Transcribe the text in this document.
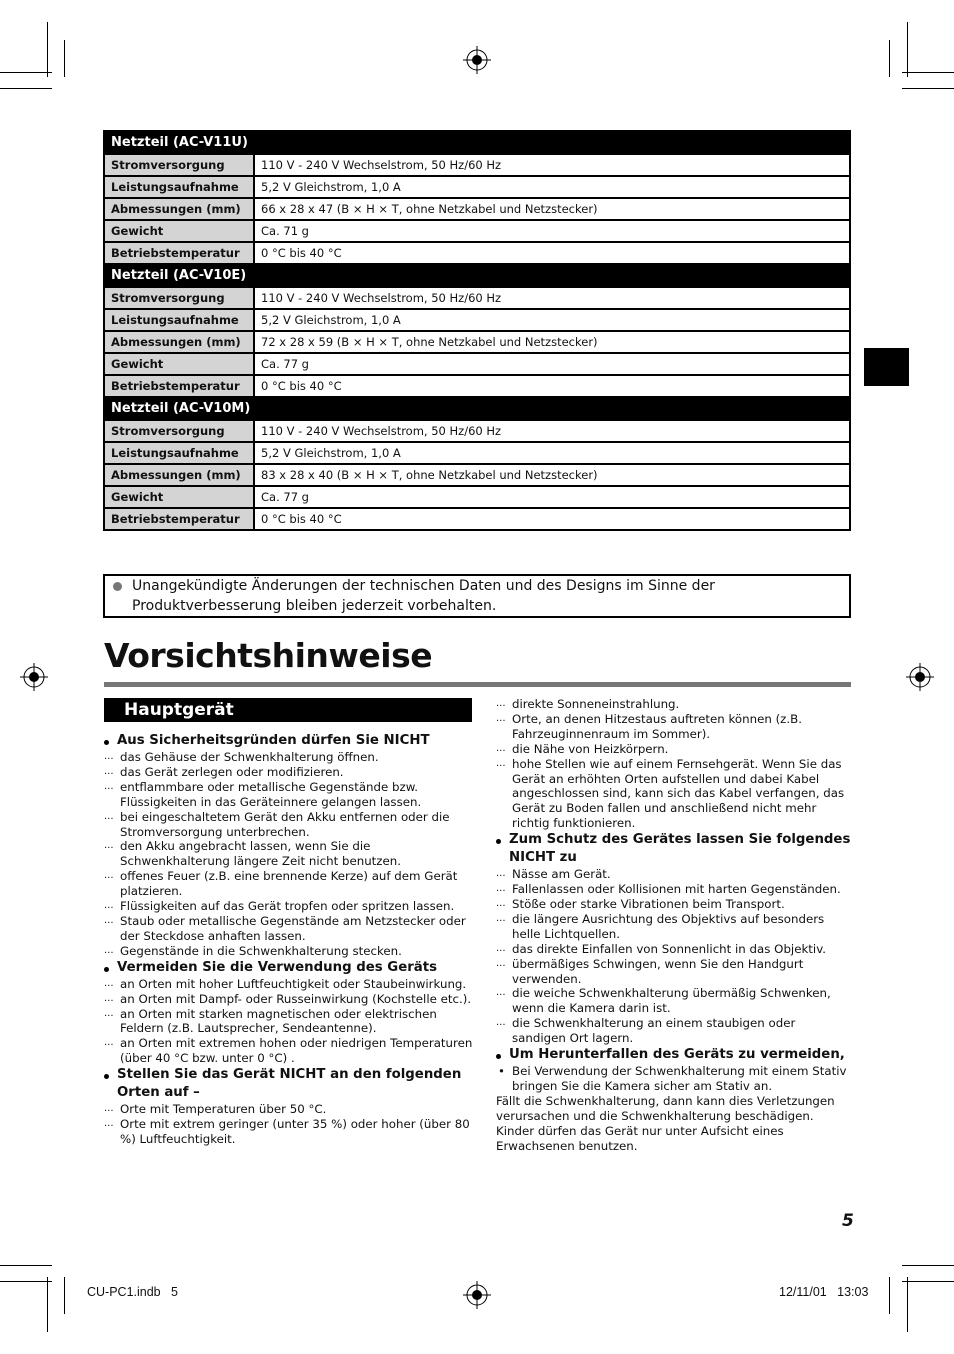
Netzteil (AC-V11U)	
Stromversorgung	110 V - 240 V Wechselstrom, 50 Hz/60 Hz
Leistungsaufnahme	5,2 V Gleichstrom, 1,0 A
Abmessungen (mm)	66 x 28 x 47 (B × H × T, ohne Netzkabel und Netzstecker)
Gewicht	Ca. 71 g
Betriebstemperatur	0 °C bis 40 °C
Netzteil (AC-V10E)	
Stromversorgung	110 V - 240 V Wechselstrom, 50 Hz/60 Hz
Leistungsaufnahme	5,2 V Gleichstrom, 1,0 A
Abmessungen (mm)	72 x 28 x 59 (B × H × T, ohne Netzkabel und Netzstecker)
Gewicht	Ca. 77 g
Betriebstemperatur	0 °C bis 40 °C
Netzteil (AC-V10M)	
Stromversorgung	110 V - 240 V Wechselstrom, 50 Hz/60 Hz
Leistungsaufnahme	5,2 V Gleichstrom, 1,0 A
Abmessungen (mm)	83 x 28 x 40 (B × H × T, ohne Netzkabel und Netzstecker)
Gewicht	Ca. 77 g
Betriebstemperatur	0 °C bis 40 °C
Unangekündigte Änderungen der technischen Daten und des Designs im Sinne der Produktverbesserung bleiben jederzeit vorbehalten.
Vorsichtshinweise
Hauptgerät
Aus Sicherheitsgründen dürfen Sie NICHT
... das Gehäuse der Schwenkhalterung öffnen.
... das Gerät zerlegen oder modifizieren.
... entflammbare oder metallische Gegenstände bzw. Flüssigkeiten in das Geräteinnere gelangen lassen.
... bei eingeschaltetem Gerät den Akku entfernen oder die Stromversorgung unterbrechen.
... den Akku angebracht lassen, wenn Sie die Schwenkhalterung längere Zeit nicht benutzen.
... offenes Feuer (z.B. eine brennende Kerze) auf dem Gerät platzieren.
... Flüssigkeiten auf das Gerät tropfen oder spritzen lassen.
... Staub oder metallische Gegenstände am Netzstecker oder der Steckdose anhaften lassen.
... Gegenstände in die Schwenkhalterung stecken.
Vermeiden Sie die Verwendung des Geräts
... an Orten mit hoher Luftfeuchtigkeit oder Staubeinwirkung.
... an Orten mit Dampf- oder Russeinwirkung (Kochstelle etc.).
... an Orten mit starken magnetischen oder elektrischen Feldern (z.B. Lautsprecher, Sendeantenne).
... an Orten mit extremen hohen oder niedrigen Temperaturen (über 40 °C bzw. unter 0 °C) .
Stellen Sie das Gerät NICHT an den folgenden Orten auf –
... Orte mit Temperaturen über 50 °C.
... Orte mit extrem geringer (unter 35 %) oder hoher (über 80 %) Luftfeuchtigkeit.
... direkte Sonneneinstrahlung.
... Orte, an denen Hitzestaus auftreten können (z.B. Fahrzeuginnenraum im Sommer).
... die Nähe von Heizkörpern.
... hohe Stellen wie auf einem Fernsehgerät. Wenn Sie das Gerät an erhöhten Orten aufstellen und dabei Kabel angeschlossen sind, kann sich das Kabel verfangen, das Gerät zu Boden fallen und anschließend nicht mehr richtig funktionieren.
Zum Schutz des Gerätes lassen Sie folgendes NICHT zu
... Nässe am Gerät.
... Fallenlassen oder Kollisionen mit harten Gegenständen.
... Stöße oder starke Vibrationen beim Transport.
... die längere Ausrichtung des Objektivs auf besonders helle Lichtquellen.
... das direkte Einfallen von Sonnenlicht in das Objektiv.
... übermäßiges Schwingen, wenn Sie den Handgurt verwenden.
... die weiche Schwenkhalterung übermäßig Schwenken, wenn die Kamera darin ist.
... die Schwenkhalterung an einem staubigen oder sandigen Ort lagern.
Um Herunterfallen des Geräts zu vermeiden,
• Bei Verwendung der Schwenkhalterung mit einem Stativ bringen Sie die Kamera sicher am Stativ an.
Fällt die Schwenkhalterung, dann kann dies Verletzungen verursachen und die Schwenkhalterung beschädigen.
Kinder dürfen das Gerät nur unter Aufsicht eines Erwachsenen benutzen.
5
CU-PC1.indb   5	12/11/01   13:03
